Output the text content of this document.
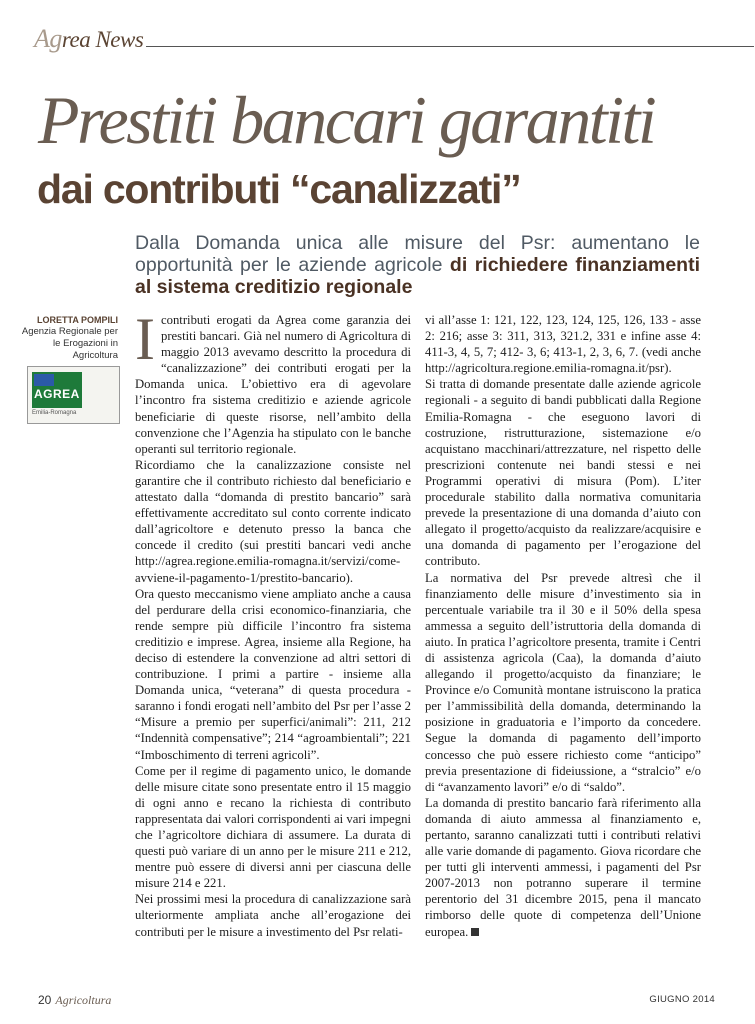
Agrea News
Prestiti bancari garantiti
dai contributi “canalizzati”
Dalla Domanda unica alle misure del Psr: aumentano le opportunità per le aziende agricole di richiedere finanziamenti al sistema creditizio regionale
LORETTA POMPILI
Agenzia Regionale per le Erogazioni in Agricoltura
AGREA
Emilia-Romagna

Icontributi erogati da Agrea come garanzia dei prestiti bancari. Già nel numero di Agricoltura di maggio 2013 avevamo descritto la procedura di “canalizzazione” dei contributi erogati per la Domanda unica. L’obiettivo era di agevolare l’incontro fra sistema creditizio e aziende agricole beneficiarie di queste risorse, nell’ambito della convenzione che l’Agenzia ha stipulato con le banche operanti sul territorio regionale.

Ricordiamo che la canalizzazione consiste nel garantire che il contributo richiesto dal beneficiario e attestato dalla “domanda di prestito bancario” sarà effettivamente accreditato sul conto corrente indicato dall’agricoltore e detenuto presso la banca che concede il credito (sui prestiti bancari vedi anche http://agrea.regione.emilia-romagna.it/servizi/come-avviene-il-pagamento-1/prestito-bancario).

Ora questo meccanismo viene ampliato anche a causa del perdurare della crisi economico-finanziaria, che rende sempre più difficile l’incontro fra sistema creditizio e imprese. Agrea, insieme alla Regione, ha deciso di estendere la convenzione ad altri settori di contribuzione. I primi a partire - insieme alla Domanda unica, “veterana” di questa procedura - saranno i fondi erogati nell’ambito del Psr per l’asse 2 “Misure a premio per superfici/animali”: 211, 212 “Indennità compensative”; 214 “agroambientali”; 221 “Imboschimento di terreni agricoli”.

Come per il regime di pagamento unico, le domande delle misure citate sono presentate entro il 15 maggio di ogni anno e recano la richiesta di contributo rappresentata dai valori corrispondenti ai vari impegni che l’agricoltore dichiara di assumere. La durata di questi può variare di un anno per le misure 211 e 212, mentre può essere di diversi anni per ciascuna delle misure 214 e 221.

Nei prossimi mesi la procedura di canalizzazione sarà ulteriormente ampliata anche all’erogazione dei contributi per le misure a investimento del Psr relati-

vi all’asse 1: 121, 122, 123, 124, 125, 126, 133 - asse 2: 216; asse 3: 311, 313, 321.2, 331 e infine asse 4: 411-3, 4, 5, 7; 412- 3, 6; 413-1, 2, 3, 6, 7. (vedi anche http://agricoltura.regione.emilia-romagna.it/psr).

Si tratta di domande presentate dalle aziende agricole regionali - a seguito di bandi pubblicati dalla Regione Emilia-Romagna - che eseguono lavori di costruzione, ristrutturazione, sistemazione e/o acquistano macchinari/attrezzature, nel rispetto delle prescrizioni contenute nei bandi stessi e nei Programmi operativi di misura (Pom). L’iter procedurale stabilito dalla normativa comunitaria prevede la presentazione di una domanda d’aiuto con allegato il progetto/acquisto da realizzare/acquisire e una domanda di pagamento per l’erogazione del contributo.

La normativa del Psr prevede altresì che il finanziamento delle misure d’investimento sia in percentuale variabile tra il 30 e il 50% della spesa ammessa a seguito dell’istruttoria della domanda di aiuto. In pratica l’agricoltore presenta, tramite i Centri di assistenza agricola (Caa), la domanda d’aiuto allegando il progetto/acquisto da finanziare; le Province e/o Comunità montane istruiscono la pratica per l’ammissibilità della domanda, determinando la posizione in graduatoria e l’importo da concedere. Segue la domanda di pagamento dell’importo concesso che può essere richiesto come “anticipo” previa presentazione di fideiussione, a “stralcio” e/o di “avanzamento lavori” e/o di “saldo”.

La domanda di prestito bancario farà riferimento alla domanda di aiuto ammessa al finanziamento e, pertanto, saranno canalizzati tutti i contributi relativi alle varie domande di pagamento. Giova ricordare che per tutti gli interventi ammessi, i pagamenti del Psr 2007-2013 non potranno superare il termine perentorio del 31 dicembre 2015, pena il mancato rimborso delle quote di competenza dell’Unione europea.

20 Agricoltura	GIUGNO 2014
